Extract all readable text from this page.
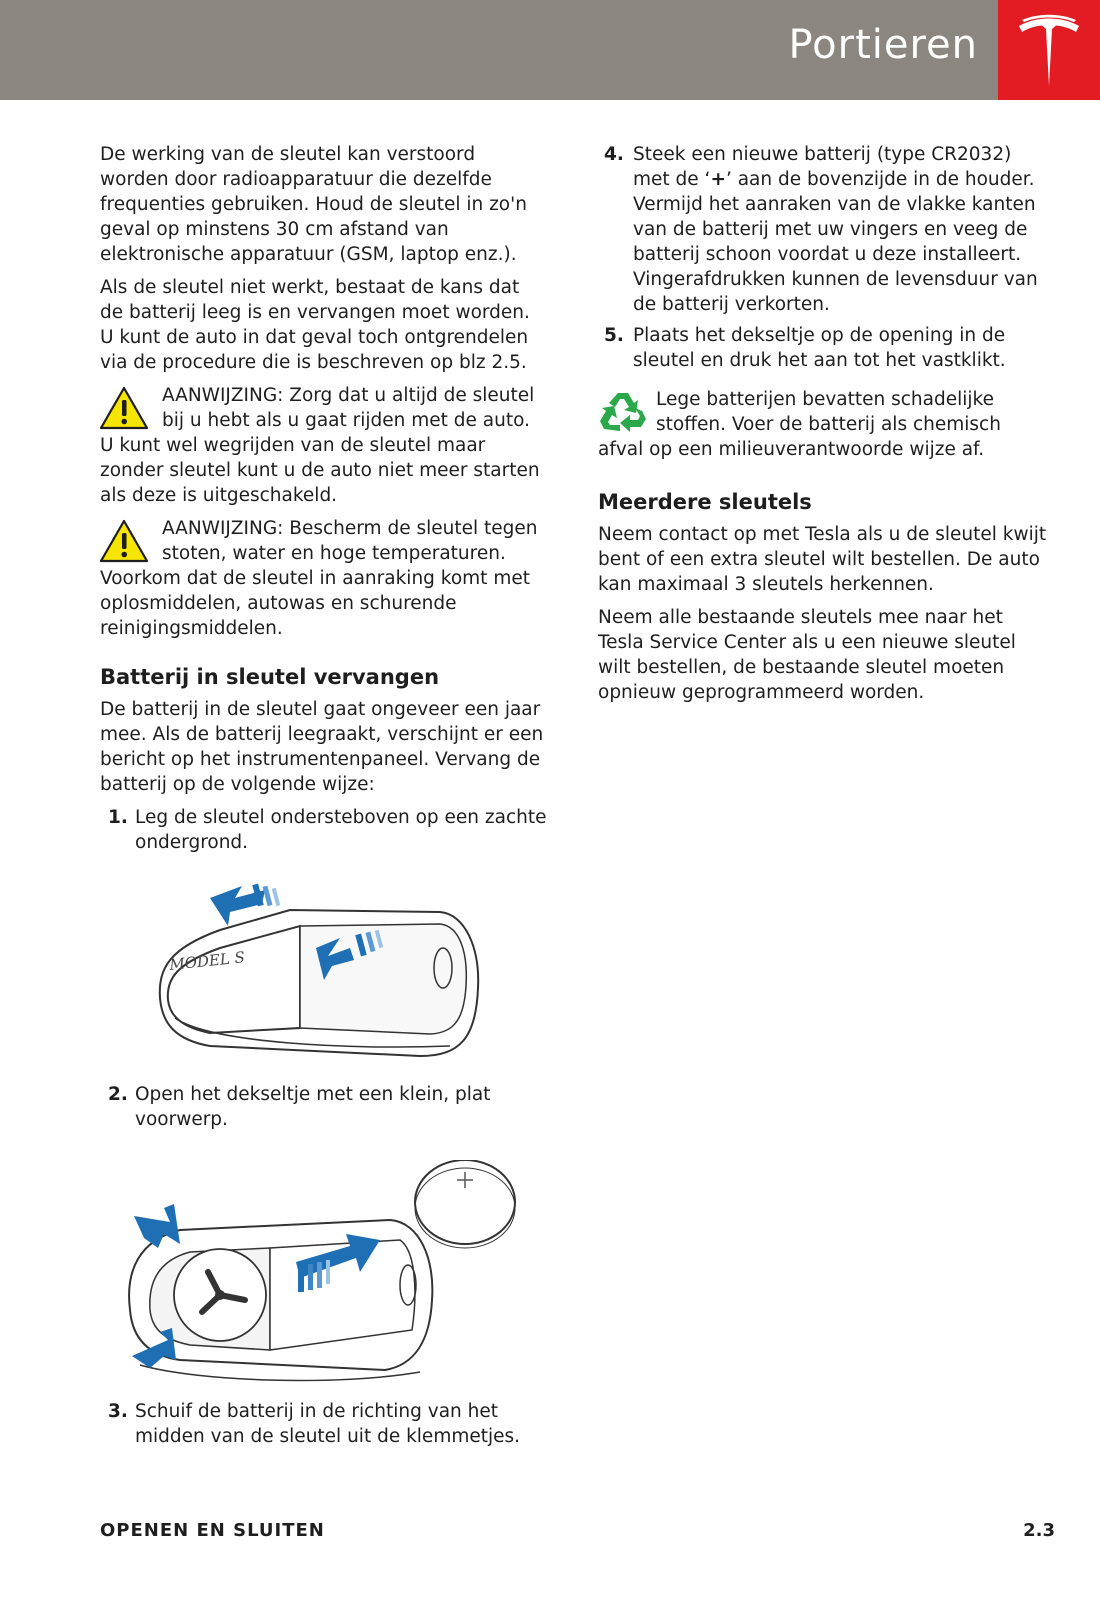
Portieren

De werking van de sleutel kan verstoord worden door radioapparatuur die dezelfde frequenties gebruiken. Houd de sleutel in zo'n geval op minstens 30 cm afstand van elektronische apparatuur (GSM, laptop enz.).

Als de sleutel niet werkt, bestaat de kans dat de batterij leeg is en vervangen moet worden. U kunt de auto in dat geval toch ontgrendelen via de procedure die is beschreven op blz 2.5.

AANWIJZING: Zorg dat u altijd de sleutel bij u hebt als u gaat rijden met de auto. U kunt wel wegrijden van de sleutel maar zonder sleutel kunt u de auto niet meer starten als deze is uitgeschakeld.

AANWIJZING: Bescherm de sleutel tegen stoten, water en hoge temperaturen. Voorkom dat de sleutel in aanraking komt met oplosmiddelen, autowas en schurende reinigingsmiddelen.

Batterij in sleutel vervangen

De batterij in de sleutel gaat ongeveer een jaar mee. Als de batterij leegraakt, verschijnt er een bericht op het instrumentenpaneel. Vervang de batterij op de volgende wijze:

1. Leg de sleutel ondersteboven op een zachte ondergrond.
MODEL S
2. Open het dekseltje met een klein, plat voorwerp.
3. Schuif de batterij in de richting van het midden van de sleutel uit de klemmetjes.
4. Steek een nieuwe batterij (type CR2032) met de ‘+’ aan de bovenzijde in de houder. Vermijd het aanraken van de vlakke kanten van de batterij met uw vingers en veeg de batterij schoon voordat u deze installeert. Vingerafdrukken kunnen de levensduur van de batterij verkorten.
5. Plaats het dekseltje op de opening in de sleutel en druk het aan tot het vastklikt.

Lege batterijen bevatten schadelijke stoffen. Voer de batterij als chemisch afval op een milieuverantwoorde wijze af.

Meerdere sleutels

Neem contact op met Tesla als u de sleutel kwijt bent of een extra sleutel wilt bestellen. De auto kan maximaal 3 sleutels herkennen.

Neem alle bestaande sleutels mee naar het Tesla Service Center als u een nieuwe sleutel wilt bestellen, de bestaande sleutel moeten opnieuw geprogrammeerd worden.

OPENEN EN SLUITEN	2.3
